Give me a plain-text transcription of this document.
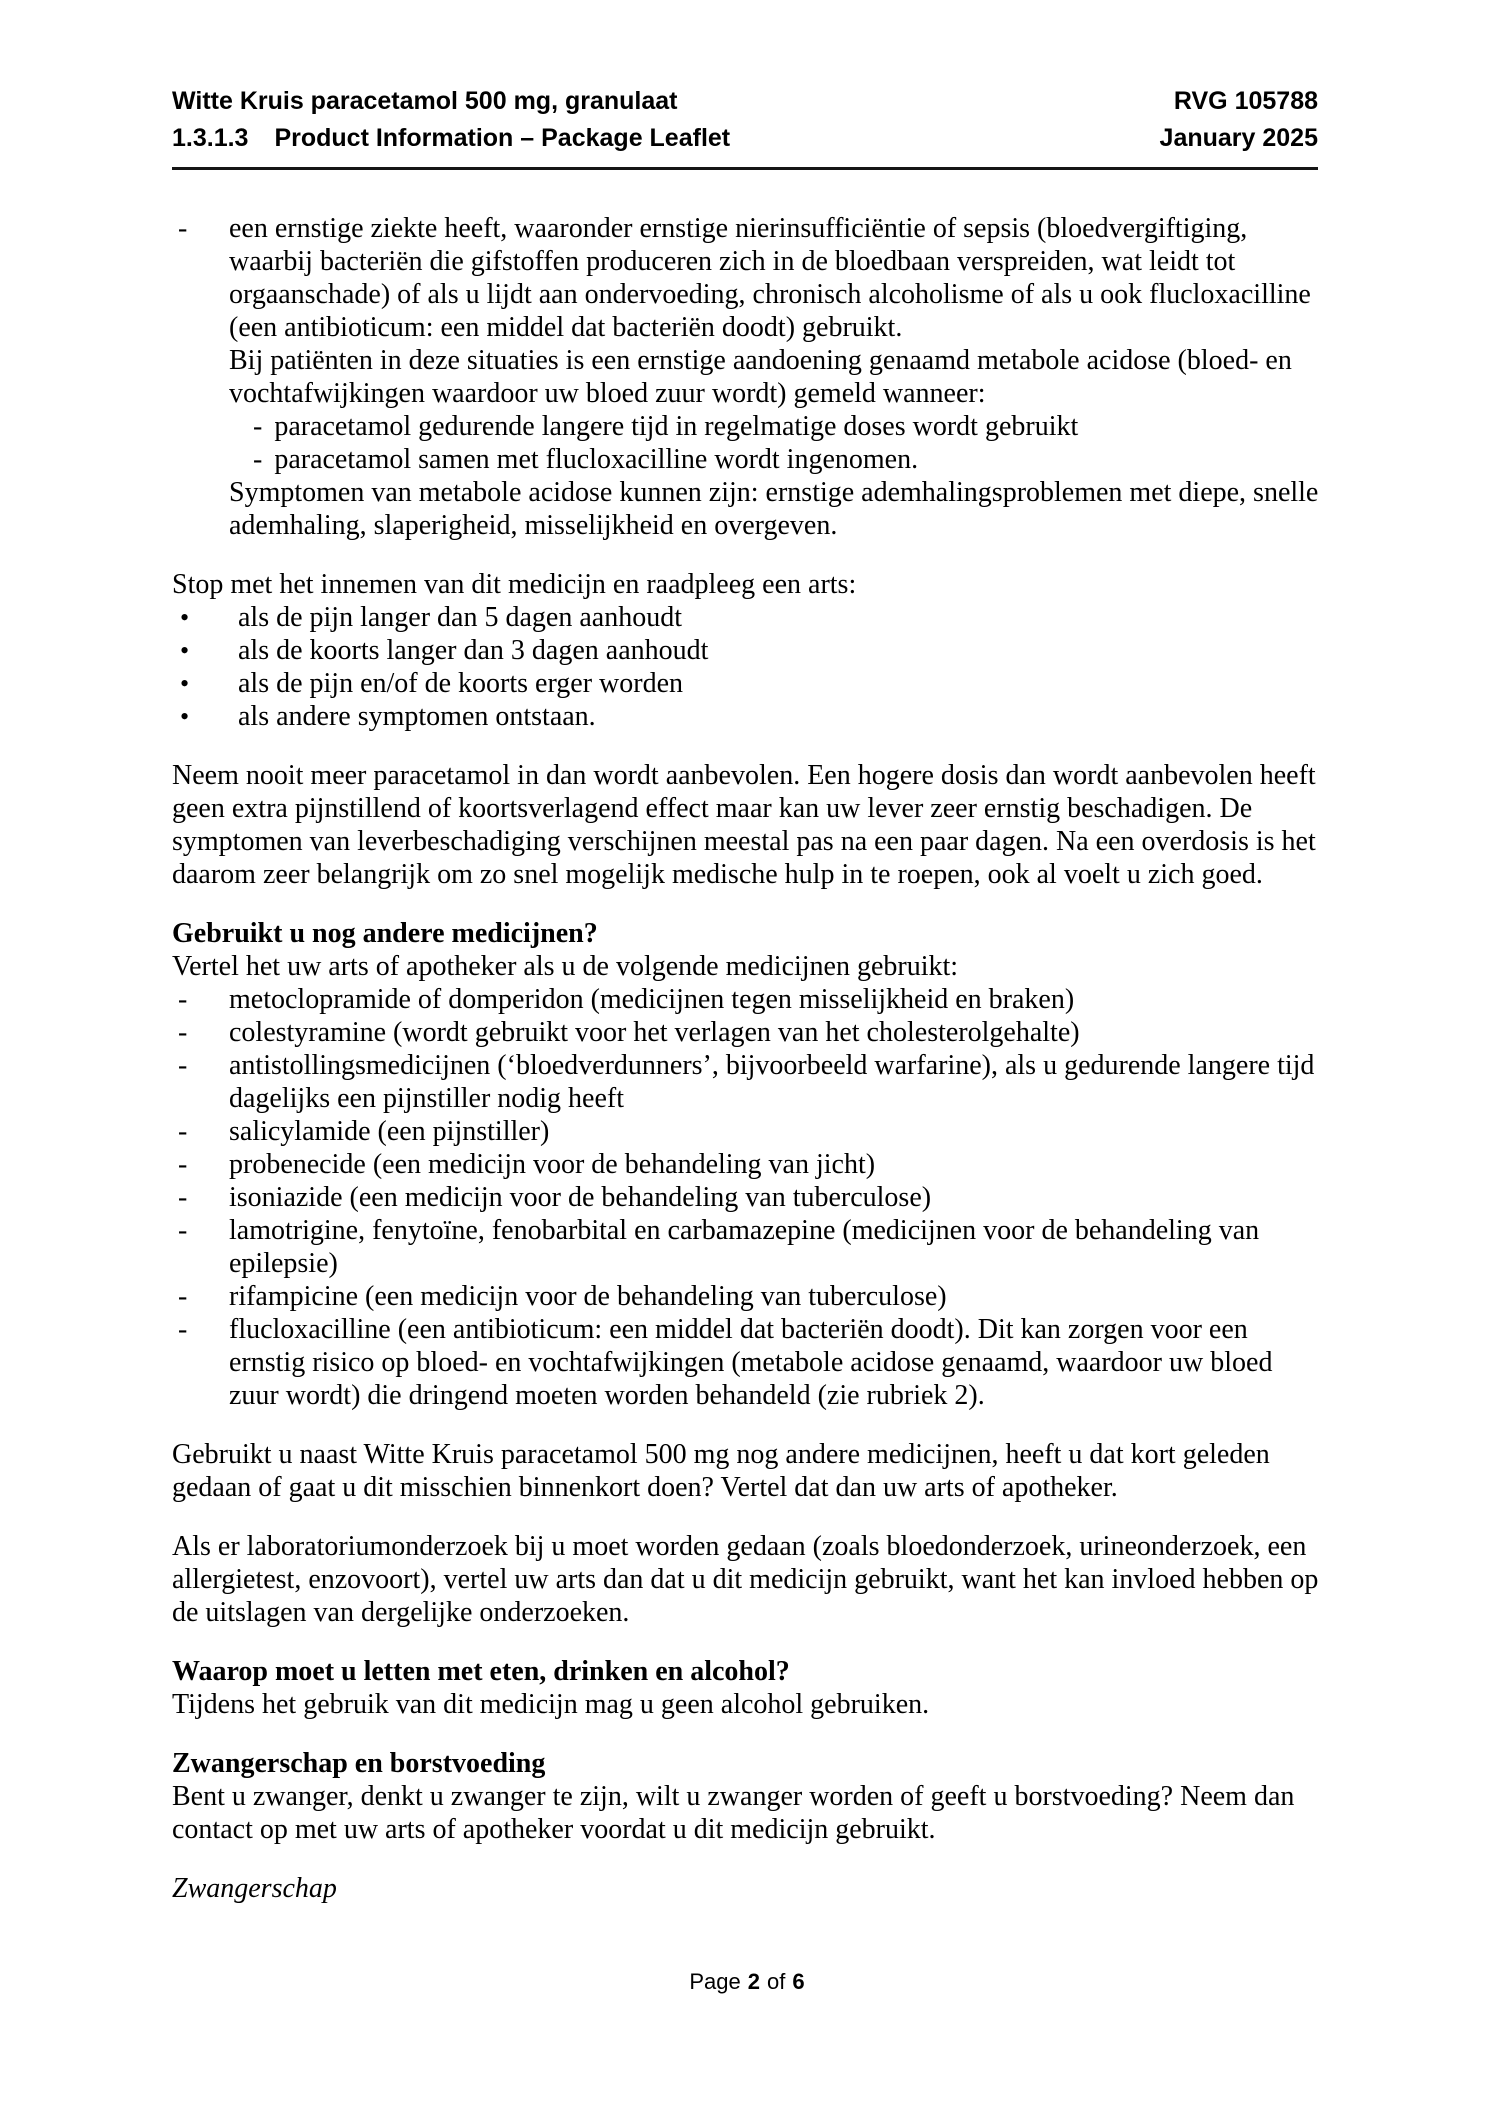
Witte Kruis paracetamol 500 mg, granulaat	RVG 105788
1.3.1.3 Product Information – Package Leaflet	January 2025
- een ernstige ziekte heeft, waaronder ernstige nierinsufficiëntie of sepsis (bloedvergiftiging,
waarbij bacteriën die gifstoffen produceren zich in de bloedbaan verspreiden, wat leidt tot
orgaanschade) of als u lijdt aan ondervoeding, chronisch alcoholisme of als u ook flucloxacilline
(een antibioticum: een middel dat bacteriën doodt) gebruikt.
Bij patiënten in deze situaties is een ernstige aandoening genaamd metabole acidose (bloed- en
vochtafwijkingen waardoor uw bloed zuur wordt) gemeld wanneer:
- paracetamol gedurende langere tijd in regelmatige doses wordt gebruikt
- paracetamol samen met flucloxacilline wordt ingenomen.
Symptomen van metabole acidose kunnen zijn: ernstige ademhalingsproblemen met diepe, snelle
ademhaling, slaperigheid, misselijkheid en overgeven.
Stop met het innemen van dit medicijn en raadpleeg een arts:
• als de pijn langer dan 5 dagen aanhoudt
• als de koorts langer dan 3 dagen aanhoudt
• als de pijn en/of de koorts erger worden
• als andere symptomen ontstaan.
Neem nooit meer paracetamol in dan wordt aanbevolen. Een hogere dosis dan wordt aanbevolen heeft
geen extra pijnstillend of koortsverlagend effect maar kan uw lever zeer ernstig beschadigen. De
symptomen van leverbeschadiging verschijnen meestal pas na een paar dagen. Na een overdosis is het
daarom zeer belangrijk om zo snel mogelijk medische hulp in te roepen, ook al voelt u zich goed.
Gebruikt u nog andere medicijnen?
Vertel het uw arts of apotheker als u de volgende medicijnen gebruikt:
- metoclopramide of domperidon (medicijnen tegen misselijkheid en braken)
- colestyramine (wordt gebruikt voor het verlagen van het cholesterolgehalte)
- antistollingsmedicijnen (‘bloedverdunners’, bijvoorbeeld warfarine), als u gedurende langere tijd
dagelijks een pijnstiller nodig heeft
- salicylamide (een pijnstiller)
- probenecide (een medicijn voor de behandeling van jicht)
- isoniazide (een medicijn voor de behandeling van tuberculose)
- lamotrigine, fenytoïne, fenobarbital en carbamazepine (medicijnen voor de behandeling van
epilepsie)
- rifampicine (een medicijn voor de behandeling van tuberculose)
- flucloxacilline (een antibioticum: een middel dat bacteriën doodt). Dit kan zorgen voor een
ernstig risico op bloed- en vochtafwijkingen (metabole acidose genaamd, waardoor uw bloed
zuur wordt) die dringend moeten worden behandeld (zie rubriek 2).
Gebruikt u naast Witte Kruis paracetamol 500 mg nog andere medicijnen, heeft u dat kort geleden
gedaan of gaat u dit misschien binnenkort doen? Vertel dat dan uw arts of apotheker.
Als er laboratoriumonderzoek bij u moet worden gedaan (zoals bloedonderzoek, urineonderzoek, een
allergietest, enzovoort), vertel uw arts dan dat u dit medicijn gebruikt, want het kan invloed hebben op
de uitslagen van dergelijke onderzoeken.
Waarop moet u letten met eten, drinken en alcohol?
Tijdens het gebruik van dit medicijn mag u geen alcohol gebruiken.
Zwangerschap en borstvoeding
Bent u zwanger, denkt u zwanger te zijn, wilt u zwanger worden of geeft u borstvoeding? Neem dan
contact op met uw arts of apotheker voordat u dit medicijn gebruikt.
Zwangerschap
Page 2 of 6
